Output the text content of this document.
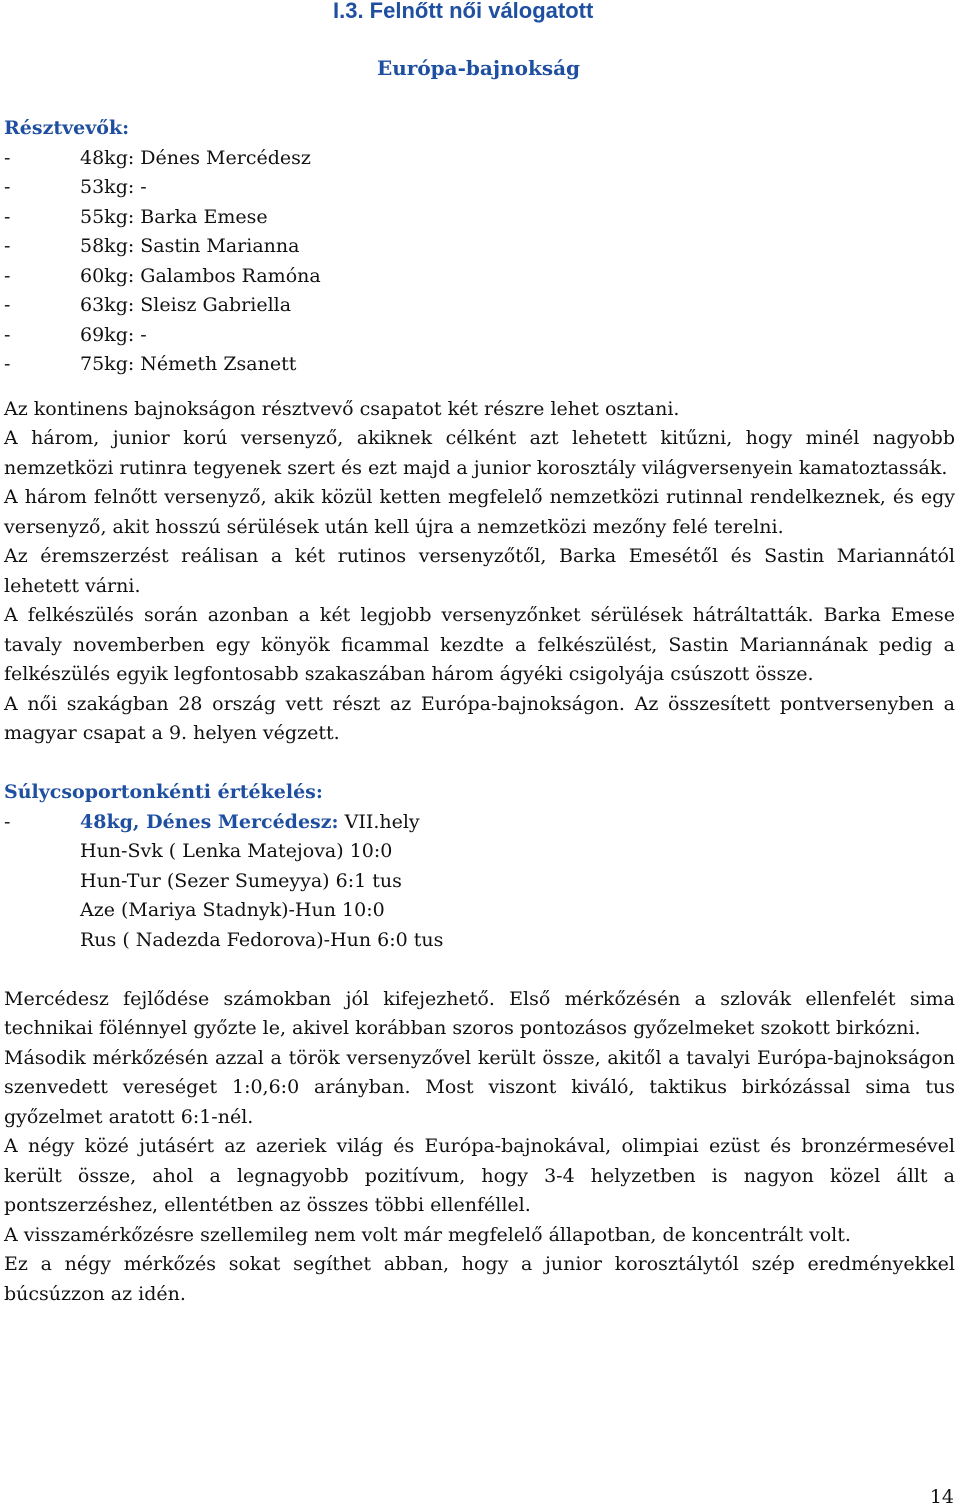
I.3. Felnőtt női válogatott
Európa-bajnokság

Résztvevők:

- 48kg: Dénes Mercédesz
- 53kg: -
- 55kg: Barka Emese
- 58kg: Sastin Marianna
- 60kg: Galambos Ramóna
- 63kg: Sleisz Gabriella
- 69kg: -
- 75kg: Németh Zsanett

Az kontinens bajnokságon résztvevő csapatot két részre lehet osztani.

A három, junior korú versenyző, akiknek célként azt lehetett kitűzni, hogy minél nagyobb nemzetközi rutinra tegyenek szert és ezt majd a junior korosztály világversenyein kamatoztassák.

A három felnőtt versenyző, akik közül ketten megfelelő nemzetközi rutinnal rendelkeznek, és egy versenyző, akit hosszú sérülések után kell újra a nemzetközi mezőny felé terelni.

Az éremszerzést reálisan a két rutinos versenyzőtől, Barka Emesétől és Sastin Mariannától lehetett várni.

A felkészülés során azonban a két legjobb versenyzőnket sérülések hátráltatták. Barka Emese tavaly novemberben egy könyök ficammal kezdte a felkészülést, Sastin Mariannának pedig a felkészülés egyik legfontosabb szakaszában három ágyéki csigolyája csúszott össze.

A női szakágban 28 ország vett részt az Európa-bajnokságon. Az összesített pontversenyben a magyar csapat a 9. helyen végzett.

Súlycsoportonkénti értékelés:

- 48kg, Dénes Mercédesz: VII.hely
Hun-Svk ( Lenka Matejova) 10:0
Hun-Tur (Sezer Sumeyya) 6:1 tus
Aze (Mariya Stadnyk)-Hun 10:0
Rus ( Nadezda Fedorova)-Hun 6:0 tus

Mercédesz fejlődése számokban jól kifejezhető. Első mérkőzésén a szlovák ellenfelét sima technikai fölénnyel győzte le, akivel korábban szoros pontozásos győzelmeket szokott birkózni.

Második mérkőzésén azzal a török versenyzővel került össze, akitől a tavalyi Európa-bajnokságon szenvedett vereséget 1:0,6:0 arányban. Most viszont kiváló, taktikus birkózással sima tus győzelmet aratott 6:1-nél.

A négy közé jutásért az azeriek világ és Európa-bajnokával, olimpiai ezüst és bronzérmesével került össze, ahol a legnagyobb pozitívum, hogy 3-4 helyzetben is nagyon közel állt a pontszerzéshez, ellentétben az összes többi ellenféllel.

A visszamérkőzésre szellemileg nem volt már megfelelő állapotban, de koncentrált volt.

Ez a négy mérkőzés sokat segíthet abban, hogy a junior korosztálytól szép eredményekkel búcsúzzon az idén.

14
